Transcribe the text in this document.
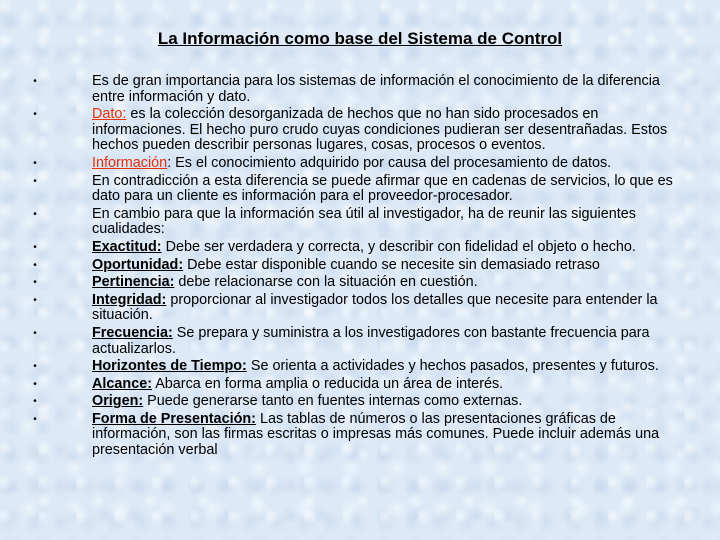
La Información como base del Sistema de Control
•	Es de gran importancia para los sistemas de información el conocimiento de la diferencia entre información y dato.
•	Dato: es la colección desorganizada de hechos que no han sido procesados en informaciones. El hecho puro crudo cuyas condiciones pudieran ser desentrañadas. Estos hechos pueden describir personas lugares, cosas, procesos o eventos.
•	Información: Es el conocimiento adquirido por causa del procesamiento de datos.
•	En contradicción a esta diferencia se puede afirmar que en cadenas de servicios, lo que es dato para un cliente es información para el proveedor-procesador.
•	En cambio para que la información sea útil al investigador, ha de reunir las siguientes cualidades:
•	Exactitud: Debe ser verdadera y correcta, y describir con fidelidad el objeto o hecho.
•	Oportunidad: Debe estar disponible cuando se necesite sin demasiado retraso
•	Pertinencia: debe relacionarse con la situación en cuestión.
•	Integridad: proporcionar al investigador todos los detalles que necesite para entender la situación.
•	Frecuencia: Se prepara y suministra a los investigadores con bastante frecuencia para actualizarlos.
•	Horizontes de Tiempo: Se orienta a actividades y hechos pasados, presentes y futuros.
•	Alcance: Abarca en forma amplia o reducida un área de interés.
•	Origen: Puede generarse tanto en fuentes internas como externas.
•	Forma de Presentación: Las tablas de números o las presentaciones gráficas de información, son las firmas escritas o impresas más comunes. Puede incluir además una presentación verbal
